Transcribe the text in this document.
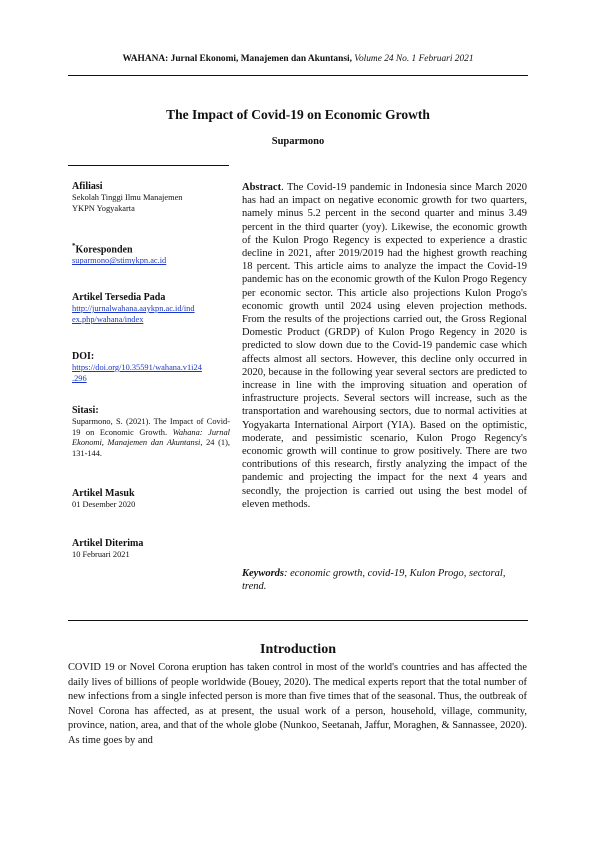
WAHANA: Jurnal Ekonomi, Manajemen dan Akuntansi, Volume 24 No. 1 Februari 2021
The Impact of Covid-19 on Economic Growth
Suparmono
Afiliasi
Sekolah Tinggi Ilmu Manajemen
YKPN Yogyakarta
*Koresponden
suparmono@stimykpn.ac.id
Artikel Tersedia Pada
http://jurnalwahana.aaykpn.ac.id/ind
ex.php/wahana/index
DOI:
https://doi.org/10.35591/wahana.v1i24
.296
Sitasi:
Suparmono, S. (2021). The Impact of Covid-19 on Economic Growth. Wahana: Jurnal Ekonomi, Manajemen dan Akuntansi, 24 (1), 131-144.
Artikel Masuk
01 Desember 2020
Artikel Diterima
10 Februari 2021
Abstract. The Covid-19 pandemic in Indonesia since March 2020 has had an impact on negative economic growth for two quarters, namely minus 5.2 percent in the second quarter and minus 3.49 percent in the third quarter (yoy). Likewise, the economic growth of the Kulon Progo Regency is expected to experience a drastic decline in 2021, after 2019/2019 had the highest growth reaching 18 percent. This article aims to analyze the impact the Covid-19 pandemic has on the economic growth of the Kulon Progo Regency per economic sector. This article also projections Kulon Progo's economic growth until 2024 using eleven projection methods. From the results of the projections carried out, the Gross Regional Domestic Product (GRDP) of Kulon Progo Regency in 2020 is predicted to slow down due to the Covid-19 pandemic case which affects almost all sectors. However, this decline only occurred in 2020, because in the following year several sectors are predicted to increase in line with the improving situation and operation of infrastructure projects. Several sectors will increase, such as the transportation and warehousing sectors, due to normal activities at Yogyakarta International Airport (YIA). Based on the optimistic, moderate, and pessimistic scenario, Kulon Progo Regency's economic growth will continue to grow positively. There are two contributions of this research, firstly analyzing the impact of the pandemic and projecting the impact for the next 4 years and secondly, the projection is carried out using the best model of eleven methods.
Keywords: economic growth, covid-19, Kulon Progo, sectoral, trend.
Introduction
COVID 19 or Novel Corona eruption has taken control in most of the world's countries and has affected the daily lives of billions of people worldwide (Bouey, 2020). The medical experts report that the total number of new infections from a single infected person is more than five times that of the seasonal. Thus, the outbreak of Novel Corona has affected, as at present, the usual work of a person, household, village, community, province, nation, area, and that of the whole globe (Nunkoo, Seetanah, Jaffur, Moraghen, & Sannassee, 2020). As time goes by and
